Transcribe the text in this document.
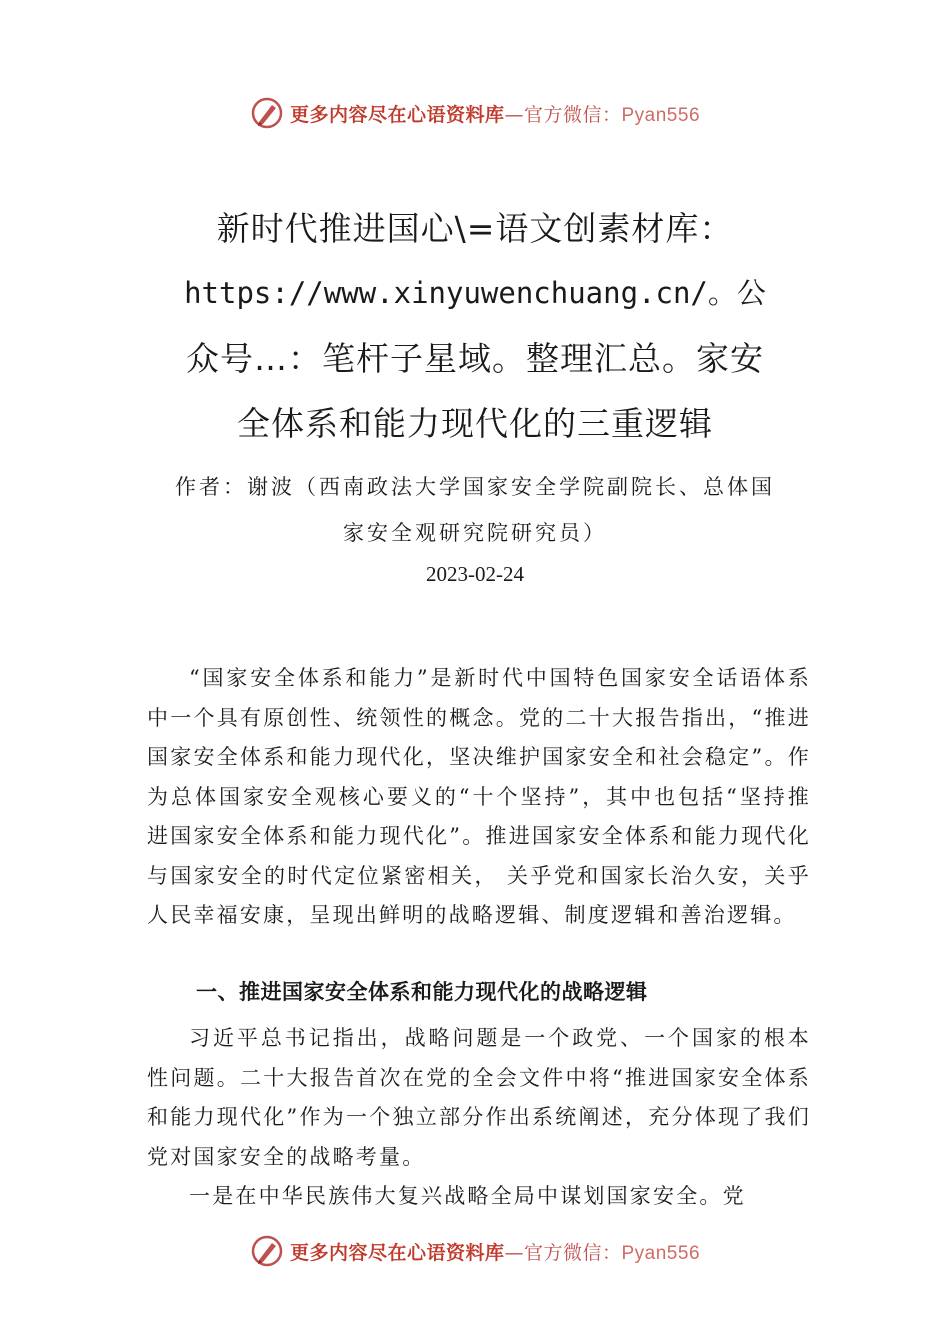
更多内容尽在心语资料库—官方微信：Pyan556
新时代推进国心\=语文创素材库：
https://www.xinyuwenchuang.cn/。公
众号…：笔杆子星域。整理汇总。家安
全体系和能力现代化的三重逻辑
作者：谢波（西南政法大学国家安全学院副院长、总体国
家安全观研究院研究员）
2023-02-24

“国家安全体系和能力”是新时代中国特色国家安全话语体系中一个具有原创性、统领性的概念。党的二十大报告指出，“推进国家安全体系和能力现代化，坚决维护国家安全和社会稳定”。作为总体国家安全观核心要义的“十个坚持”，其中也包括“坚持推进国家安全体系和能力现代化”。推进国家安全体系和能力现代化与国家安全的时代定位紧密相关， 关乎党和国家长治久安，关乎人民幸福安康，呈现出鲜明的战略逻辑、制度逻辑和善治逻辑。

一、推进国家安全体系和能力现代化的战略逻辑

习近平总书记指出，战略问题是一个政党、一个国家的根本性问题。二十大报告首次在党的全会文件中将“推进国家安全体系和能力现代化”作为一个独立部分作出系统阐述，充分体现了我们党对国家安全的战略考量。

一是在中华民族伟大复兴战略全局中谋划国家安全。党

更多内容尽在心语资料库—官方微信：Pyan556
